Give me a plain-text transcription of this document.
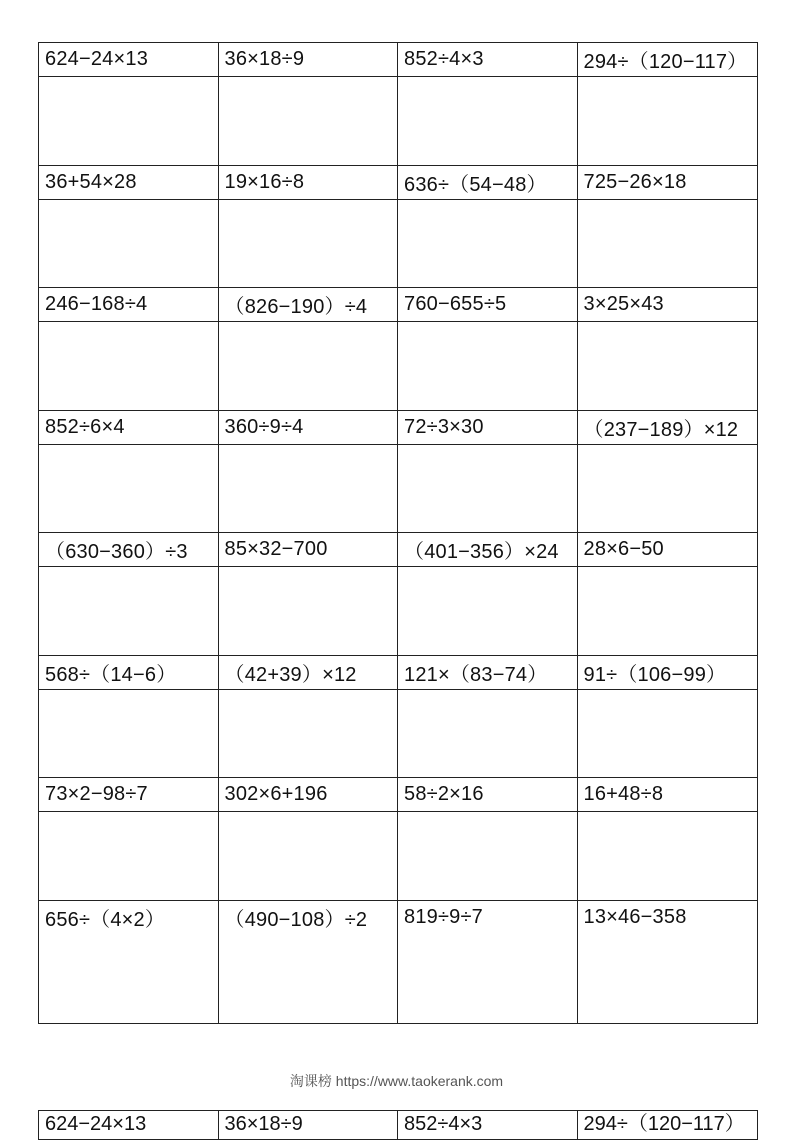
624−24×13	36×18÷9	852÷4×3	294÷（120−117）
36+54×28	19×16÷8	636÷（54−48）	725−26×18
246−168÷4	（826−190）÷4	760−655÷5	3×25×43
852÷6×4	360÷9÷4	72÷3×30	（237−189）×12
（630−360）÷3	85×32−700	（401−356）×24	28×6−50
568÷（14−6）	（42+39）×12	121×（83−74）	91÷（106−99）
73×2−98÷7	302×6+196	58÷2×16	16+48÷8
656÷（4×2）	（490−108）÷2	819÷9÷7	13×46−358
淘课榜 https://www.taokerank.com
624−24×13	36×18÷9	852÷4×3	294÷（120−117）
